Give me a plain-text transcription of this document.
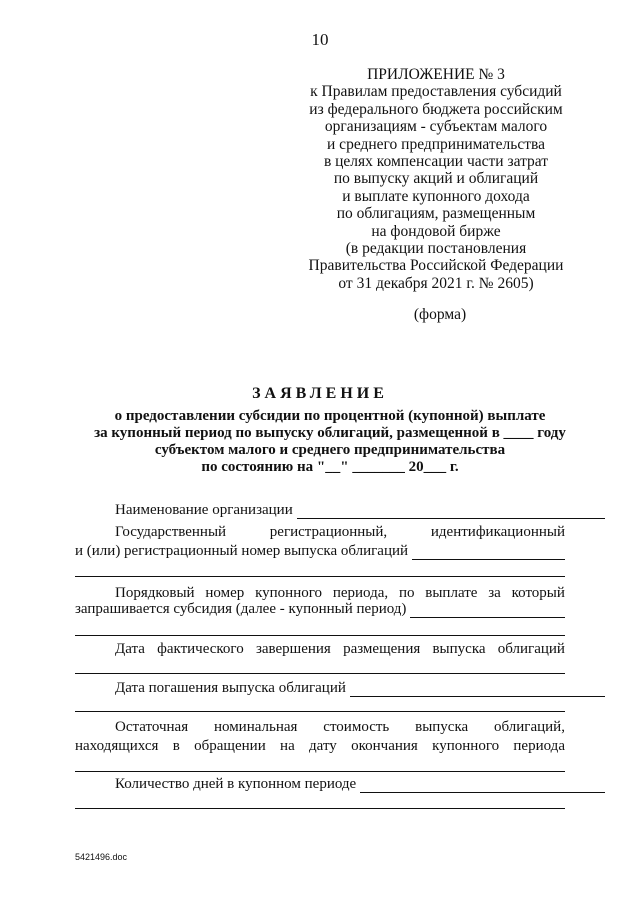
10
ПРИЛОЖЕНИЕ № 3
к Правилам предоставления субсидий
из федерального бюджета российским
организациям - субъектам малого
и среднего предпринимательства
в целях компенсации части затрат
по выпуску акций и облигаций
и выплате купонного дохода
по облигациям, размещенным
на фондовой бирже
(в редакции постановления
Правительства Российской Федерации
от 31 декабря 2021 г. № 2605)
(форма)
ЗАЯВЛЕНИЕ
о предоставлении субсидии по процентной (купонной) выплате
за купонный период по выпуску облигаций, размещенной в ____ году
субъектом малого и среднего предпринимательства
по состоянию на "__" _______ 20___ г.
Наименование организации
Государственный	регистрационный,	идентификационный
и (или) регистрационный номер выпуска облигаций
Порядковый номер купонного периода, по выплате за который
запрашивается субсидия (далее - купонный период)
Дата фактического завершения размещения выпуска облигаций
Дата погашения выпуска облигаций
Остаточная номинальная стоимость выпуска облигаций,
находящихся в обращении на дату окончания купонного периода
Количество дней в купонном периоде
5421496.doc
